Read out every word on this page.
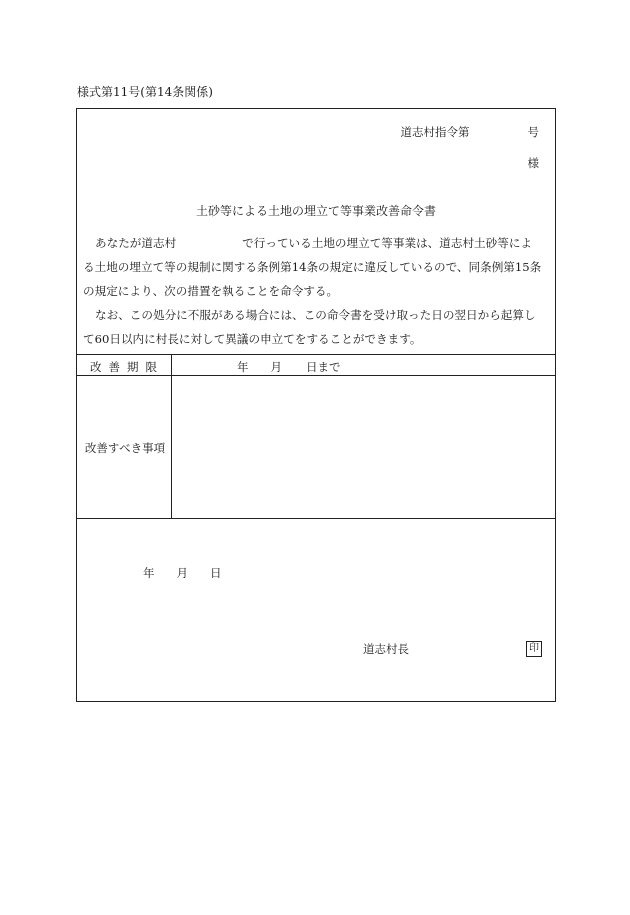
様式第11号(第14条関係)
道志村指令第	号
様
土砂等による土地の埋立て等事業改善命令書
あなたが道志村	で行っている土地の埋立て等事業は、道志村土砂等によ
る土地の埋立て等の規制に関する条例第14条の規定に違反しているので、同条例第15条
の規定により、次の措置を執ることを命令する。
なお、この処分に不服がある場合には、この命令書を受け取った日の翌日から起算し
て60日以内に村長に対して異議の申立てをすることができます。
改善期限	年 月 日まで
改善すべき事項
年 月 日
道志村長	印
